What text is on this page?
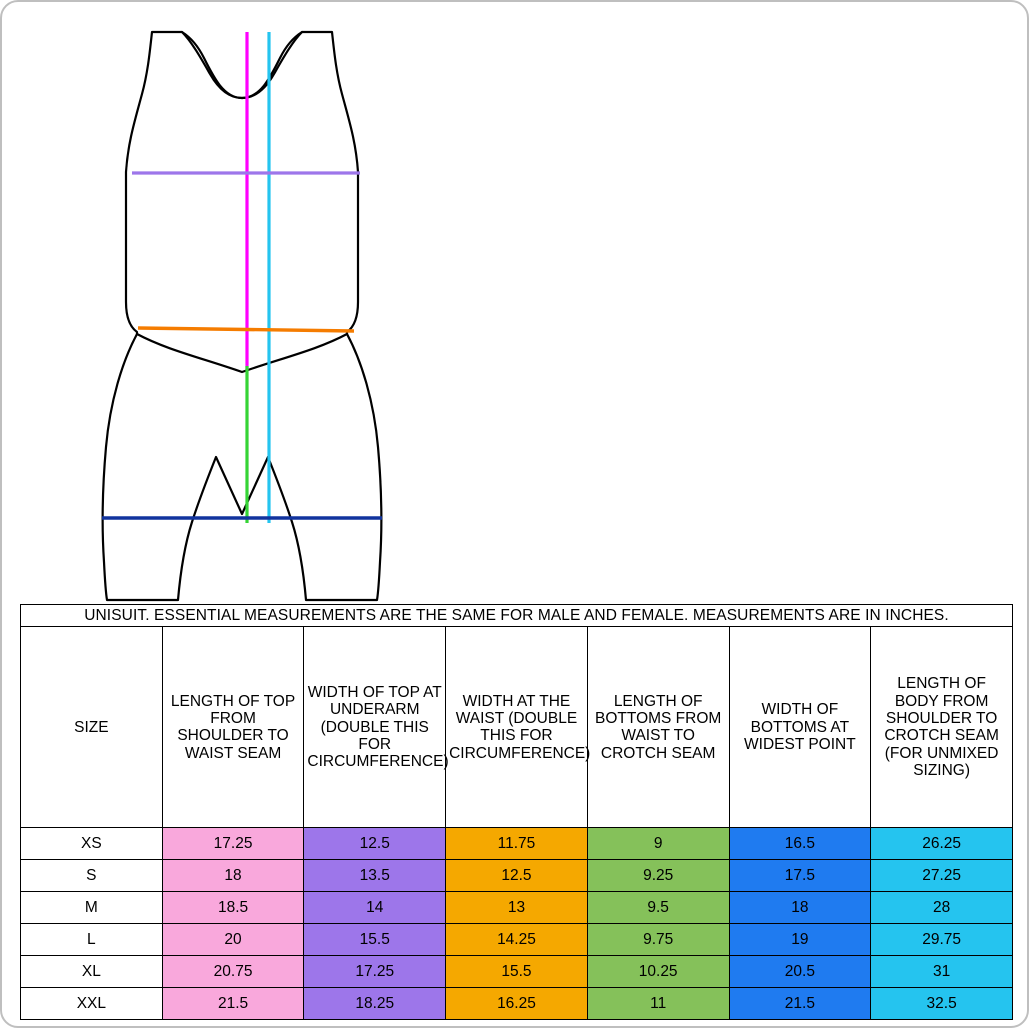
UNISUIT. ESSENTIAL MEASUREMENTS ARE THE SAME FOR MALE AND FEMALE. MEASUREMENTS ARE IN INCHES.						
SIZE	LENGTH OF TOP FROM SHOULDER TO WAIST SEAM	WIDTH OF TOP AT UNDERARM (DOUBLE THIS FOR CIRCUMFERENCE)	WIDTH AT THE WAIST (DOUBLE THIS FOR CIRCUMFERENCE)	LENGTH OF BOTTOMS FROM WAIST TO CROTCH SEAM	WIDTH OF BOTTOMS AT WIDEST POINT	LENGTH OF BODY FROM SHOULDER TO CROTCH SEAM (FOR UNMIXED SIZING)
XS	17.25	12.5	11.75	9	16.5	26.25
S	18	13.5	12.5	9.25	17.5	27.25
M	18.5	14	13	9.5	18	28
L	20	15.5	14.25	9.75	19	29.75
XL	20.75	17.25	15.5	10.25	20.5	31
XXL	21.5	18.25	16.25	11	21.5	32.5
